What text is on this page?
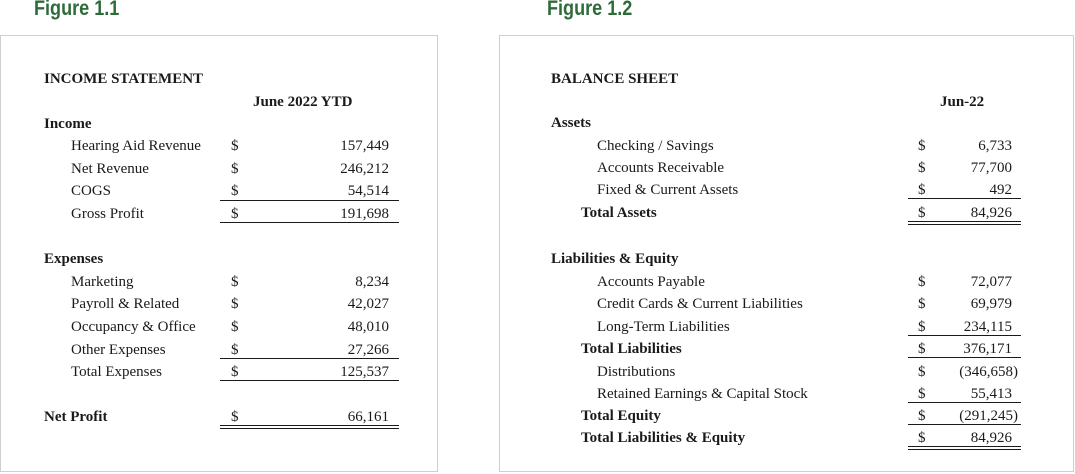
Figure 1.1
INCOME STATEMENT
June 2022 YTD
Income
Hearing Aid Revenue $	157,449
Net Revenue	$	246,212
COGS	$	54,514
Gross Profit	$	191,698
Expenses
Marketing	$	8,234
Payroll & Related	$	42,027
Occupancy & Office $	48,010
Other Expenses	$	27,266
Total Expenses	$	125,537
Net Profit	$	66,161
Figure 1.2
BALANCE SHEET
Jun-22
Assets
Checking / Savings	$	6,733
Accounts Receivable	$	77,700
Fixed & Current Assets	$	492
Total Assets	$	84,926
Liabilities & Equity
Accounts Payable	$	72,077
Credit Cards & Current Liabilities	$	69,979
Long-Term Liabilities	$	234,115
Total Liabilities	$	376,171
Distributions	$	(346,658)
Retained Earnings & Capital Stock	$	55,413
Total Equity	$	(291,245)
Total Liabilities & Equity	$	84,926
